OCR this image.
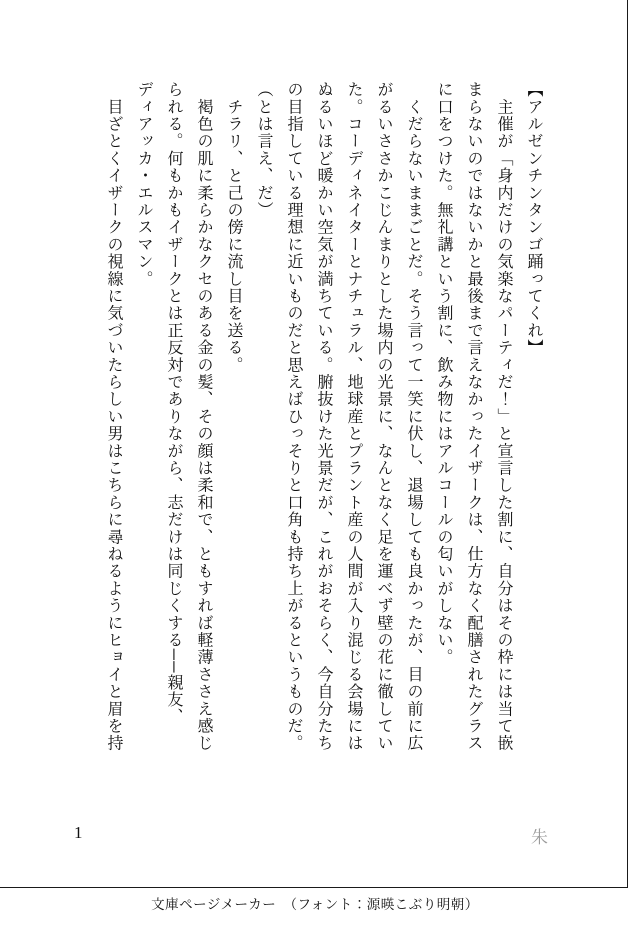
【アルゼンチンタンゴ踊ってくれ】

　主催が「身内だけの気楽なパーティだ！」と宣言した割に、自分はその枠には当て嵌

まらないのではないかと最後まで言えなかったイザークは、仕方なく配膳されたグラス

に口をつけた。無礼講という割に、飲み物にはアルコールの匂いがしない。

　くだらないままごとだ。そう言って一笑に伏し、退場しても良かったが、目の前に広

がるいささかこじんまりとした場内の光景に、なんとなく足を運べず壁の花に徹してい

た。コーディネイターとナチュラル、地球産とプラント産の人間が入り混じる会場には

ぬるいほど暖かい空気が満ちている。腑抜けた光景だが、これがおそらく、今自分たち

の目指している理想に近いものだと思えばひっそりと口角も持ち上がるというものだ。

（とは言え、だ）

　チラリ、と己の傍に流し目を送る。

　褐色の肌に柔らかなクセのある金の髪、その顔は柔和で、ともすれば軽薄ささえ感じ

られる。何もかもイザークとは正反対でありながら、志だけは同じくする──親友、

ディアッカ・エルスマン。

　目ざとくイザークの視線に気づいたらしい男はこちらに尋ねるようにヒョイと眉を持

1	朱
文庫ページメーカー　（フォント：源暎こぶり明朝）
